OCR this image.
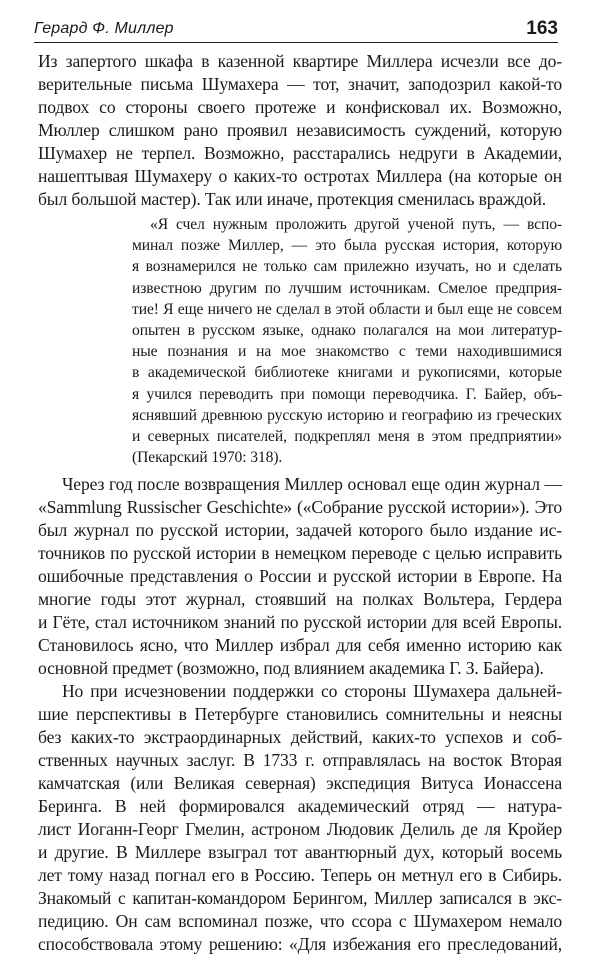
Герард Ф. Миллер	163
Из запертого шкафа в казенной квартире Миллера исчезли все до-
верительные письма Шумахера — тот, значит, заподозрил какой-то
подвох со стороны своего протеже и конфисковал их. Возможно,
Мюллер слишком рано проявил независимость суждений, которую
Шумахер не терпел. Возможно, расстарались недруги в Академии,
нашептывая Шумахеру о каких-то остротах Миллера (на которые он
был большой мастер). Так или иначе, протекция сменилась враждой.
«Я счел нужным проложить другой ученой путь, — вспо-
минал позже Миллер, — это была русская история, которую
я вознамерился не только сам прилежно изучать, но и сделать
известною другим по лучшим источникам. Смелое предприя-
тие! Я еще ничего не сделал в этой области и был еще не совсем
опытен в русском языке, однако полагался на мои литератур-
ные познания и на мое знакомство с теми находившимися
в академической библиотеке книгами и рукописями, которые
я учился переводить при помощи переводчика. Г. Байер, объ-
яснявший древнюю русскую историю и географию из греческих
и северных писателей, подкреплял меня в этом предприятии»
(Пекарский 1970: 318).
Через год после возвращения Миллер основал еще один журнал —
«Sammlung Russischer Geschichte» («Собрание русской истории»). Это
был журнал по русской истории, задачей которого было издание ис-
точников по русской истории в немецком переводе с целью исправить
ошибочные представления о России и русской истории в Европе. На
многие годы этот журнал, стоявший на полках Вольтера, Гердера
и Гёте, стал источником знаний по русской истории для всей Европы.
Становилось ясно, что Миллер избрал для себя именно историю как
основной предмет (возможно, под влиянием академика Г. З. Байера).
Но при исчезновении поддержки со стороны Шумахера дальней-
шие перспективы в Петербурге становились сомнительны и неясны
без каких-то экстраординарных действий, каких-то успехов и соб-
ственных научных заслуг. В 1733 г. отправлялась на восток Вторая
камчатская (или Великая северная) экспедиция Витуса Ионассена
Беринга. В ней формировался академический отряд — натура-
лист Иоганн-Георг Гмелин, астроном Людовик Делиль де ля Кройер
и другие. В Миллере взыграл тот авантюрный дух, который восемь
лет тому назад погнал его в Россию. Теперь он метнул его в Сибирь.
Знакомый с капитан-командором Берингом, Миллер записался в экс-
педицию. Он сам вспоминал позже, что ссора с Шумахером немало
способствовала этому решению: «Для избежания его преследований,
